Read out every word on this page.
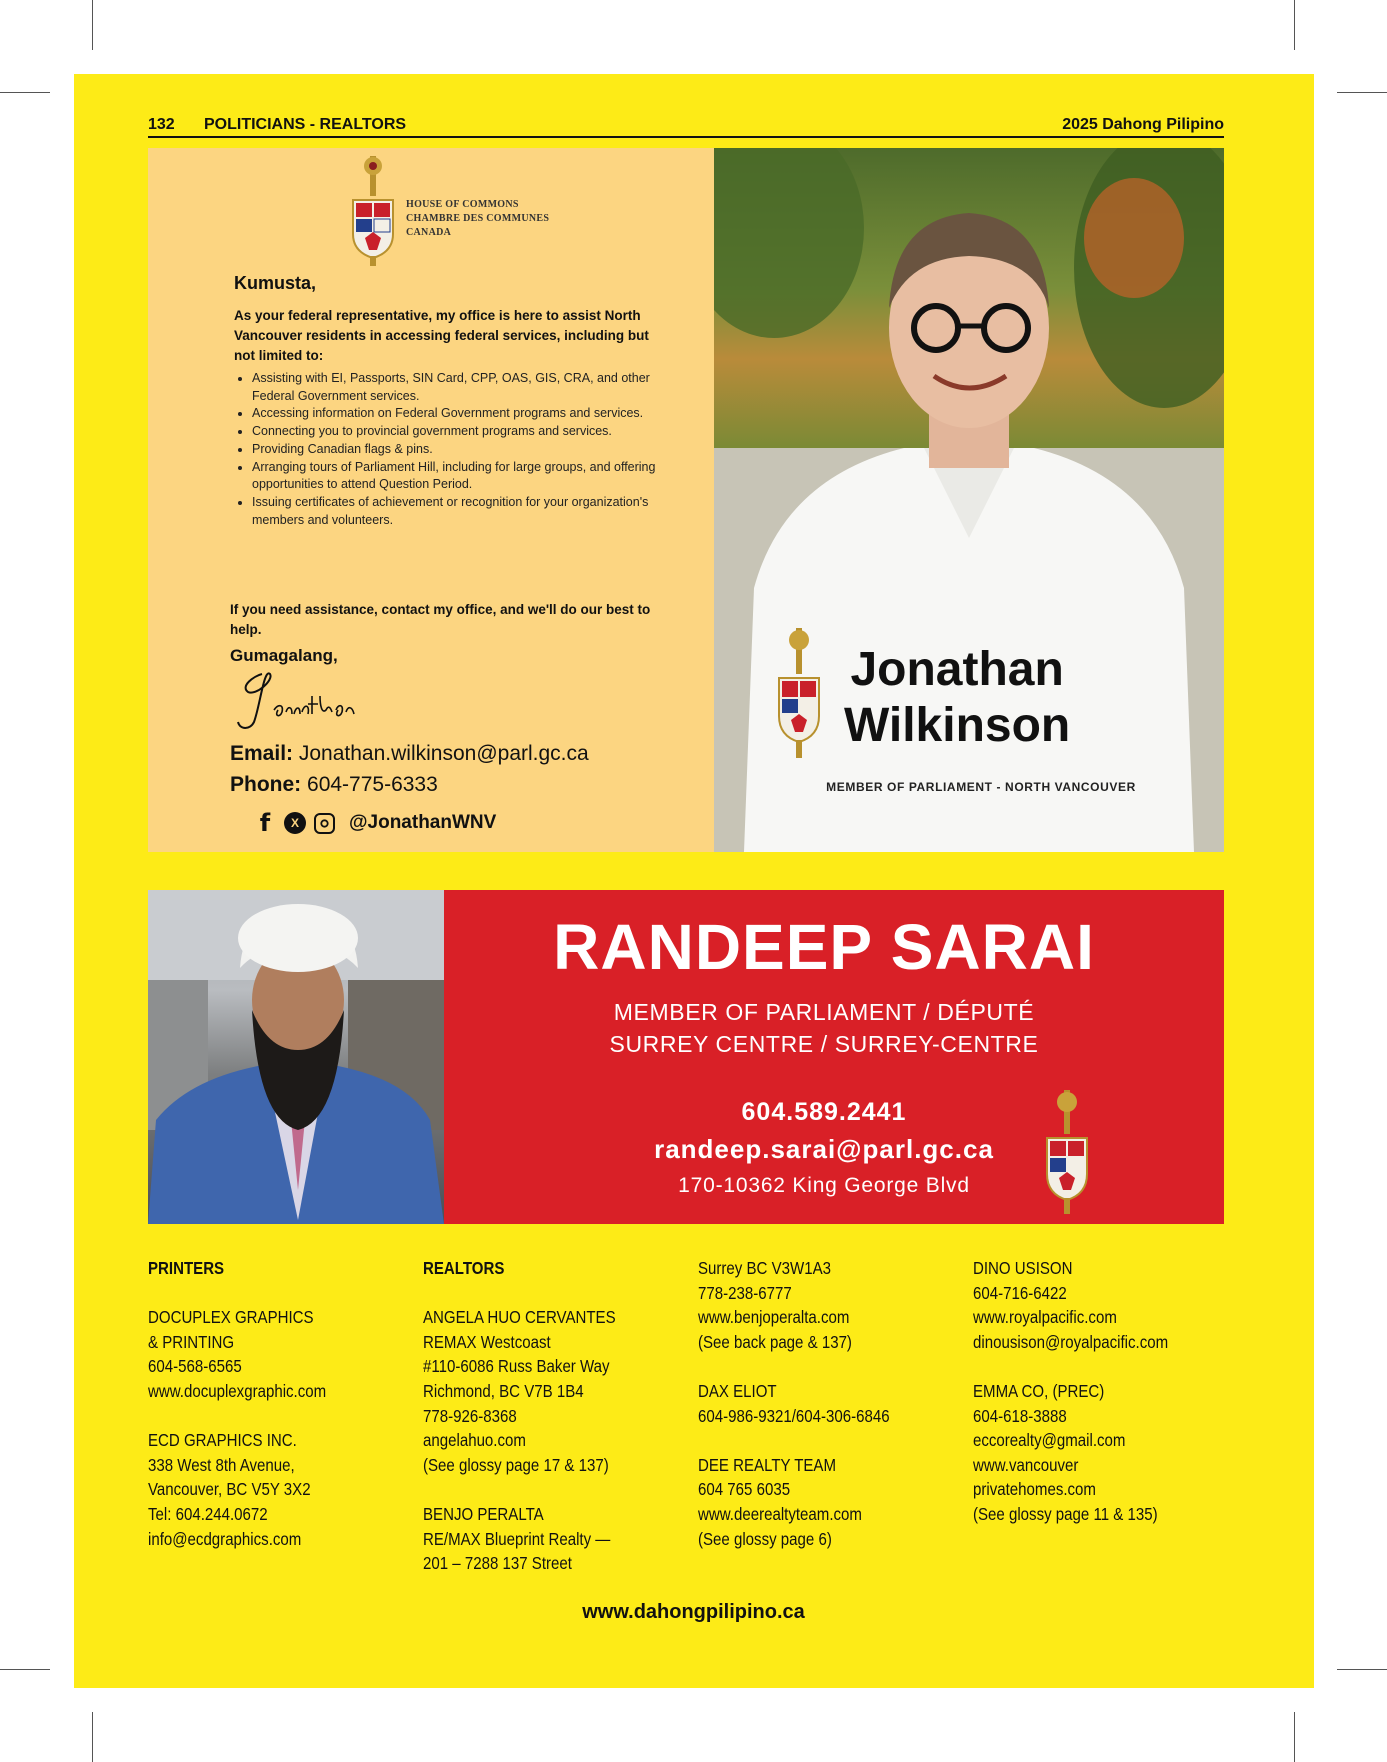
132 POLITICIANS - REALTORS	2025 Dahong Pilipino
HOUSE OF COMMONS
CHAMBRE DES COMMUNES
CANADA
Kumusta,
As your federal representative, my office is here to assist North Vancouver residents in accessing federal services, including but not limited to:
• Assisting with EI, Passports, SIN Card, CPP, OAS, GIS, CRA, and other Federal Government services.
• Accessing information on Federal Government programs and services.
• Connecting you to provincial government programs and services.
• Providing Canadian flags & pins.
• Arranging tours of Parliament Hill, including for large groups, and offering opportunities to attend Question Period.
• Issuing certificates of achievement or recognition for your organization's members and volunteers.
If you need assistance, contact my office, and we'll do our best to help.
Gumagalang,
Email: Jonathan.wilkinson@parl.gc.ca
Phone: 604-775-6333
f	X	@JonathanWNV
Jonathan
Wilkinson
MEMBER OF PARLIAMENT - NORTH VANCOUVER
RANDEEP SARAI
MEMBER OF PARLIAMENT / DÉPUTÉ
SURREY CENTRE / SURREY-CENTRE
604.589.2441
randeep.sarai@parl.gc.ca
170-10362 King George Blvd
PRINTERS
DOCUPLEX GRAPHICS
& PRINTING
604-568-6565
www.docuplexgraphic.com
ECD GRAPHICS INC.
338 West 8th Avenue,
Vancouver, BC V5Y 3X2
Tel: 604.244.0672
info@ecdgraphics.com
REALTORS
ANGELA HUO CERVANTES
REMAX Westcoast
#110-6086 Russ Baker Way
Richmond, BC V7B 1B4
778-926-8368
angelahuo.com
(See glossy page 17 & 137)
BENJO PERALTA
RE/MAX Blueprint Realty —
201 – 7288 137 Street
Surrey BC V3W1A3
778-238-6777
www.benjoperalta.com
(See back page & 137)
DAX ELIOT
604-986-9321/604-306-6846
DEE REALTY TEAM
604 765 6035
www.deerealtyteam.com
(See glossy page 6)
DINO USISON
604-716-6422
www.royalpacific.com
dinousison@royalpacific.com
EMMA CO, (PREC)
604-618-3888
eccorealty@gmail.com
www.vancouver
privatehomes.com
(See glossy page 11 & 135)
www.dahongpilipino.ca
